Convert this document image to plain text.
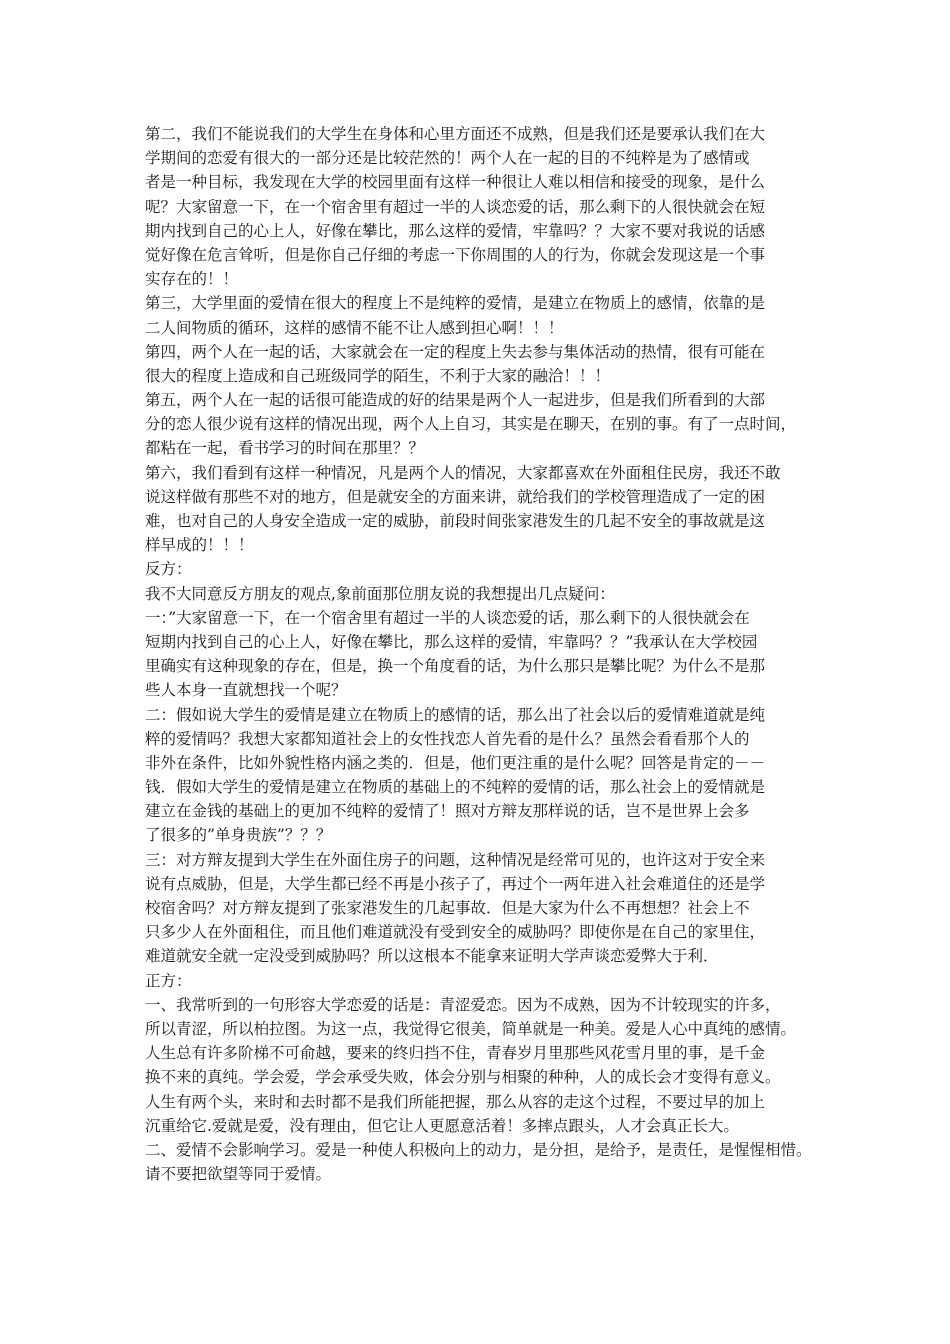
第二，我们不能说我们的大学生在身体和心里方面还不成熟，但是我们还是要承认我们在大
学期间的恋爱有很大的一部分还是比较茫然的！两个人在一起的目的不纯粹是为了感情或
者是一种目标，我发现在大学的校园里面有这样一种很让人难以相信和接受的现象，是什么
呢？大家留意一下，在一个宿舍里有超过一半的人谈恋爱的话，那么剩下的人很快就会在短
期内找到自己的心上人，好像在攀比，那么这样的爱情，牢靠吗？？大家不要对我说的话感
觉好像在危言耸听，但是你自己仔细的考虑一下你周围的人的行为，你就会发现这是一个事
实存在的！！
第三，大学里面的爱情在很大的程度上不是纯粹的爱情，是建立在物质上的感情，依靠的是
二人间物质的循环，这样的感情不能不让人感到担心啊！！！
第四，两个人在一起的话，大家就会在一定的程度上失去参与集体活动的热情，很有可能在
很大的程度上造成和自己班级同学的陌生，不利于大家的融洽！！！
第五，两个人在一起的话很可能造成的好的结果是两个人一起进步，但是我们所看到的大部
分的恋人很少说有这样的情况出现，两个人上自习，其实是在聊天，在别的事。有了一点时间，
都粘在一起，看书学习的时间在那里？？
第六，我们看到有这样一种情况，凡是两个人的情况，大家都喜欢在外面租住民房，我还不敢
说这样做有那些不对的地方，但是就安全的方面来讲，就给我们的学校管理造成了一定的困
难，也对自己的人身安全造成一定的威胁，前段时间张家港发生的几起不安全的事故就是这
样早成的！！！
反方：
我不大同意反方朋友的观点,象前面那位朋友说的我想提出几点疑问：
一：”大家留意一下，在一个宿舍里有超过一半的人谈恋爱的话，那么剩下的人很快就会在
短期内找到自己的心上人，好像在攀比，那么这样的爱情，牢靠吗？？”我承认在大学校园
里确实有这种现象的存在，但是，换一个角度看的话，为什么那只是攀比呢？为什么不是那
些人本身一直就想找一个呢？
二：假如说大学生的爱情是建立在物质上的感情的话，那么出了社会以后的爱情难道就是纯
粹的爱情吗？我想大家都知道社会上的女性找恋人首先看的是什么？虽然会看看那个人的
非外在条件，比如外貌性格内涵之类的．但是，他们更注重的是什么呢？回答是肯定的－－
钱．假如大学生的爱情是建立在物质的基础上的不纯粹的爱情的话，那么社会上的爱情就是
建立在金钱的基础上的更加不纯粹的爱情了！照对方辩友那样说的话，岂不是世界上会多
了很多的”单身贵族”？？？
三：对方辩友提到大学生在外面住房子的问题，这种情况是经常可见的，也许这对于安全来
说有点威胁，但是，大学生都已经不再是小孩子了，再过个一两年进入社会难道住的还是学
校宿舍吗？对方辩友提到了张家港发生的几起事故．但是大家为什么不再想想？社会上不
只多少人在外面租住，而且他们难道就没有受到安全的威胁吗？即使你是在自己的家里住，
难道就安全就一定没受到威胁吗？所以这根本不能拿来证明大学声谈恋爱弊大于利．
正方：
一、我常听到的一句形容大学恋爱的话是：青涩爱恋。因为不成熟，因为不计较现实的许多，
所以青涩，所以柏拉图。为这一点，我觉得它很美，简单就是一种美。爱是人心中真纯的感情。
人生总有许多阶梯不可俞越，要来的终归挡不住，青春岁月里那些风花雪月里的事，是千金
换不来的真纯。学会爱，学会承受失败，体会分别与相聚的种种，人的成长会才变得有意义。
人生有两个头，来时和去时都不是我们所能把握，那么从容的走这个过程，不要过早的加上
沉重给它.爱就是爱，没有理由，但它让人更愿意活着！多摔点跟头，人才会真正长大。
二、爱情不会影响学习。爱是一种使人积极向上的动力，是分担，是给予，是责任，是惺惺相惜。
请不要把欲望等同于爱情。
